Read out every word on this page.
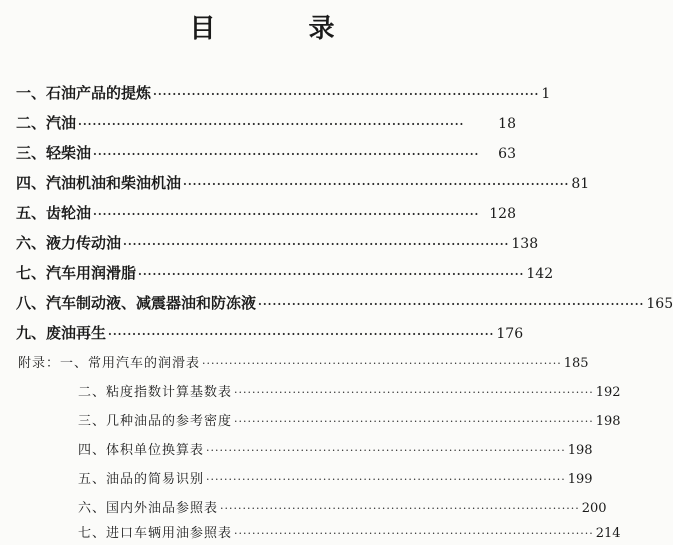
目 录
一、石油产品的提炼 ················································································ 1
二、汽油 ················································································	18
三、轻柴油 ················································································	63
四、汽油机油和柴油机油 ················································································ 81
五、齿轮油 ················································································ 128
六、液力传动油 ················································································ 138
七、汽车用润滑脂 ················································································ 142
八、汽车制动液、减震器油和防冻液 ················································································ 165
九、废油再生 ················································································ 176
附录：一、常用汽车的润滑表 ················································································ 185
二、粘度指数计算基数表 ················································································ 192
三、几种油品的参考密度 ················································································ 198
四、体积单位换算表 ················································································ 198
五、油品的简易识别 ················································································ 199
六、国内外油品参照表 ················································································ 200
七、进口车辆用油参照表 ················································································ 214
